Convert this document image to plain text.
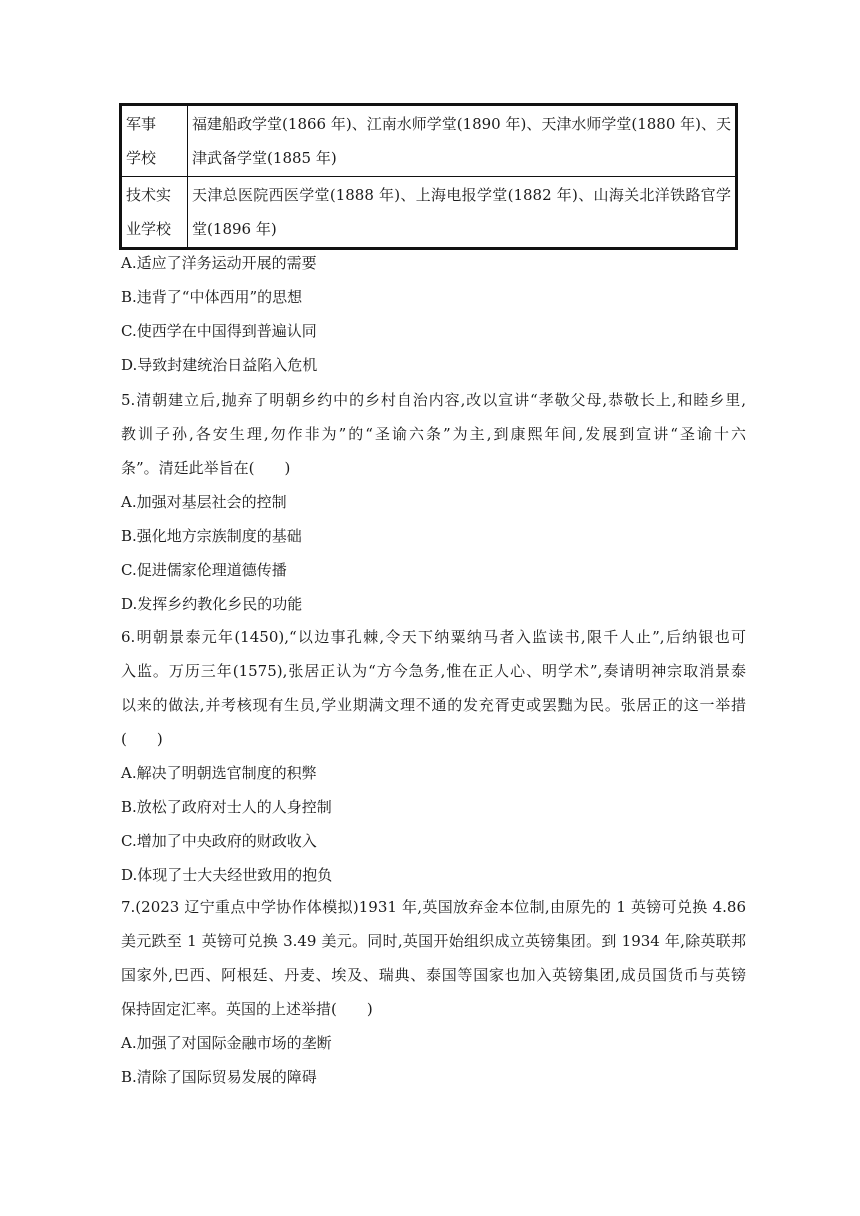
军事
学校	福建船政学堂(1866 年)、江南水师学堂(1890 年)、天津水师学堂(1880 年)、天
津武备学堂(1885 年)

技术实
业学校	天津总医院西医学堂(1888 年)、上海电报学堂(1882 年)、山海关北洋铁路官学
堂(1896 年)
A.适应了洋务运动开展的需要
B.违背了“中体西用”的思想
C.使西学在中国得到普遍认同
D.导致封建统治日益陷入危机
5.清朝建立后,抛弃了明朝乡约中的乡村自治内容,改以宣讲“孝敬父母,恭敬长上,和睦乡里,
教训子孙,各安生理,勿作非为”的“圣谕六条”为主,到康熙年间,发展到宣讲“圣谕十六
条”。清廷此举旨在(　　)
A.加强对基层社会的控制
B.强化地方宗族制度的基础
C.促进儒家伦理道德传播
D.发挥乡约教化乡民的功能
6.明朝景泰元年(1450),“以边事孔棘,令天下纳粟纳马者入监读书,限千人止”,后纳银也可
入监。万历三年(1575),张居正认为“方今急务,惟在正人心、明学术”,奏请明神宗取消景泰
以来的做法,并考核现有生员,学业期满文理不通的发充胥吏或罢黜为民。张居正的这一举措
(　　)
A.解决了明朝选官制度的积弊
B.放松了政府对士人的人身控制
C.增加了中央政府的财政收入
D.体现了士大夫经世致用的抱负
7.(2023 辽宁重点中学协作体模拟)1931 年,英国放弃金本位制,由原先的 1 英镑可兑换 4.86
美元跌至 1 英镑可兑换 3.49 美元。同时,英国开始组织成立英镑集团。到 1934 年,除英联邦
国家外,巴西、阿根廷、丹麦、埃及、瑞典、泰国等国家也加入英镑集团,成员国货币与英镑
保持固定汇率。英国的上述举措(　　)
A.加强了对国际金融市场的垄断
B.清除了国际贸易发展的障碍
